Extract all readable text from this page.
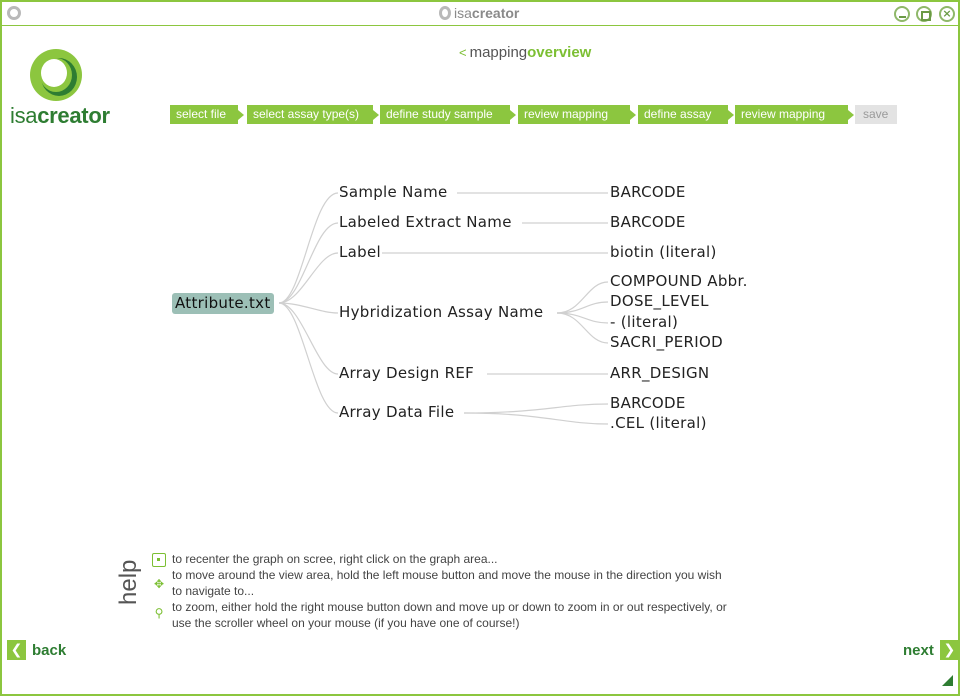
isacreator	×
isacreator
< mappingoverview
select file	select assay type(s)	define study sample	review mapping	define assay	review mapping	save
Attribute.txt
Sample Name
Labeled Extract Name
Label
Hybridization Assay Name
Array Design REF
Array Data File
BARCODE
BARCODE
biotin (literal)
COMPOUND Abbr.
DOSE_LEVEL
- (literal)
SACRI_PERIOD
ARR_DESIGN
BARCODE
.CEL (literal)
help ✥
⚲
to recenter the graph on scree, right click on the graph area...
to move around the view area, hold the left mouse button and move the mouse in the direction you wish
to navigate to...
to zoom, either hold the right mouse button down and move up or down to zoom in or out respectively, or
use the scroller wheel on your mouse (if you have one of course!)
❮ back	next ❯
